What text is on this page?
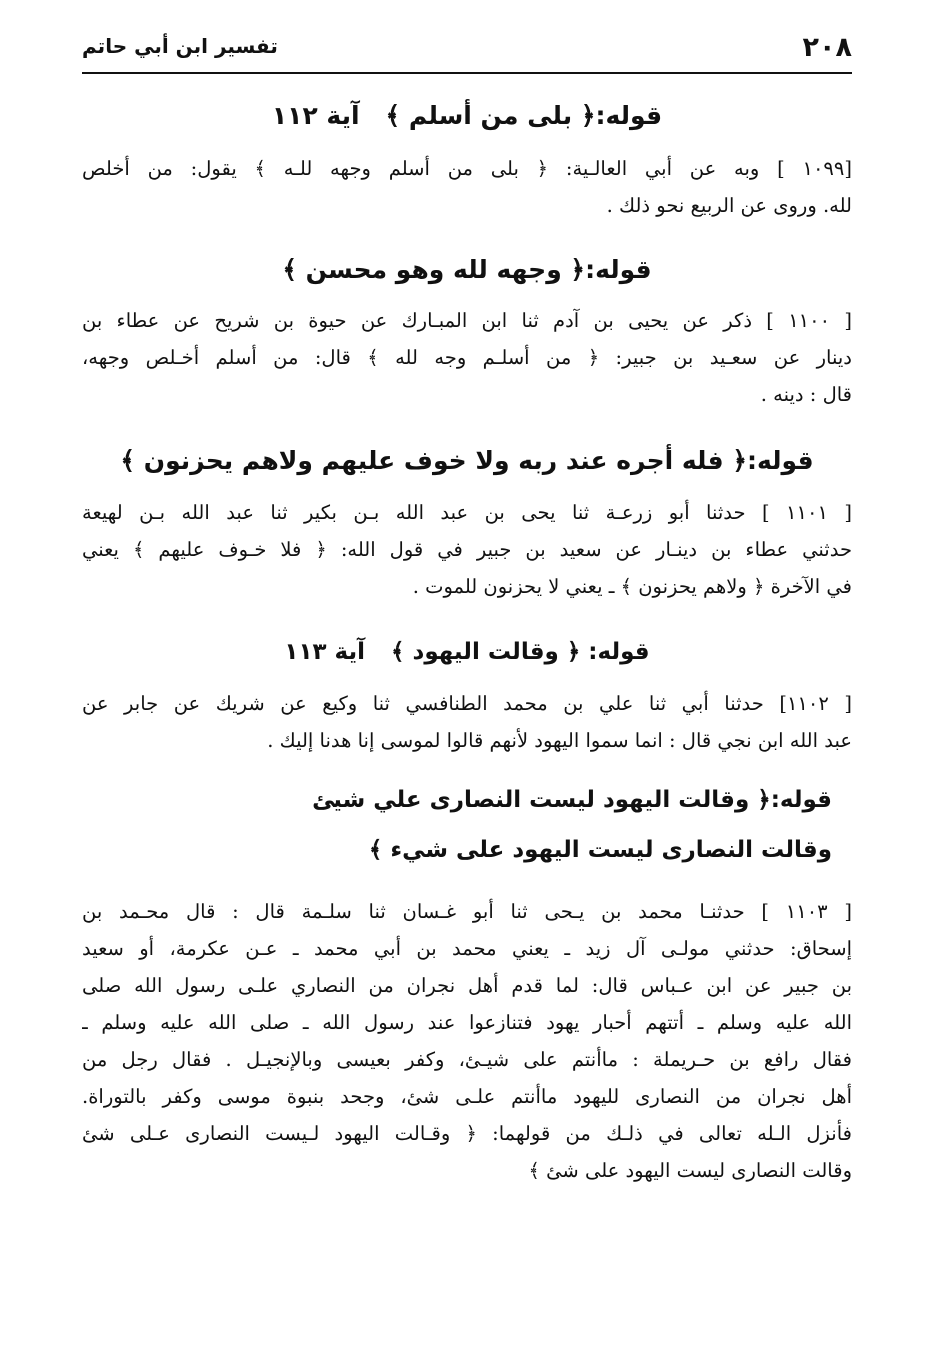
٢٠٨
تفسير ابن أبي حاتم
قوله:﴿ بلى من أسلم ﴾آية ١١٢
[١٠٩٩ ] وبه عن أبي العالـية: ﴿ بلى من أسلم وجهه للـه ﴾ يقول: من أخلص
لله. وروى عن الربيع نحو ذلك .
قوله:﴿ وجهه لله وهو محسن ﴾
[ ١١٠٠ ] ذكر عن يحيى بن آدم ثنا ابن المبـارك عن حيوة بن شريح عن عطاء بن
دينار عن سعـيد بن جبير: ﴿ من أسلـم وجه لله ﴾ قال: من أسلم أخـلص وجهه،
قال : دينه .
قوله:﴿ فله أجره عند ربه ولا خوف عليهم ولاهم يحزنون ﴾
[ ١١٠١ ] حدثنا أبو زرعـة ثنا يحى بن عبد الله بـن بكير ثنا عبد الله بـن لهيعة
حدثني عطاء بن دينـار عن سعيد بن جبير في قول الله: ﴿ فلا خـوف عليهم ﴾ يعني
في الآخرة ﴿ ولاهم يحزنون ﴾ ـ يعني لا يحزنون للموت .
قوله: ﴿ وقالت اليهود ﴾آية ١١٣
[ ١١٠٢] حدثنا أبي ثنا علي بن محمد الطنافسي ثنا وكيع عن شريك عن جابر عن
عبد الله ابن نجي قال : انما سموا اليهود لأنهم قالوا لموسى إنا هدنا إليك .
قوله:﴿ وقالت اليهود ليست النصارى علي شيئ
وقالت النصارى ليست اليهود على شيء ﴾
[ ١١٠٣ ] حدثنـا محمد بن يـحى ثنا أبو غـسان ثنا سلـمة قال : قال محـمد بن
إسحاق: حدثني مولـى آل زيد ـ يعني محمد بن أبي محمد ـ عـن عكرمة، أو سعيد
بن جبير عن ابن عـباس قال: لما قدم أهل نجران من النصاري علـى رسول الله صلى
الله عليه وسلم ـ أتتهم أحبار يهود فتنازعوا عند رسول الله ـ صلى الله عليه وسلم ـ
فقال رافع بن حـريملة : ماأنتم على شيـئ، وكفر بعيسى وبالإنجيـل . فقال رجل من
أهل نجران من النصارى لليهود ماأنتم علـى شئ، وجحد بنبوة موسى وكفر بالتوراة.
فأنزل الـله تعالى في ذلـك من قولهما: ﴿ وقـالت اليهود لـيست النصارى عـلى شئ
وقالت النصارى ليست اليهود على شئ ﴾
